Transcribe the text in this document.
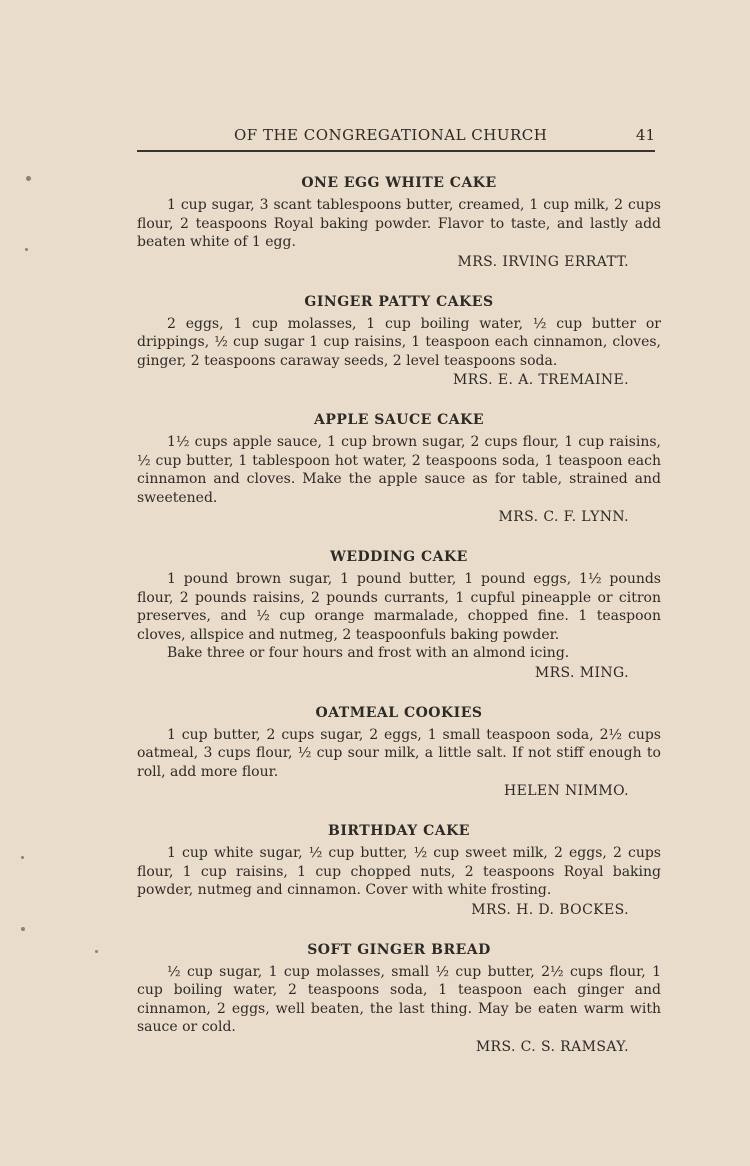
OF THE CONGREGATIONAL CHURCH	41
ONE EGG WHITE CAKE

1 cup sugar, 3 scant tablespoons butter, creamed, 1 cup milk, 2 cups flour, 2 teaspoons Royal baking powder. Flavor to taste, and lastly add beaten white of 1 egg.

MRS. IRVING ERRATT.
GINGER PATTY CAKES

2 eggs, 1 cup molasses, 1 cup boiling water, ½ cup butter or drippings, ½ cup sugar 1 cup raisins, 1 teaspoon each cinnamon, cloves, ginger, 2 teaspoons caraway seeds, 2 level teaspoons soda.

MRS. E. A. TREMAINE.
APPLE SAUCE CAKE

1½ cups apple sauce, 1 cup brown sugar, 2 cups flour, 1 cup raisins, ½ cup butter, 1 tablespoon hot water, 2 teaspoons soda, 1 teaspoon each cinnamon and cloves. Make the apple sauce as for table, strained and sweetened.

MRS. C. F. LYNN.
WEDDING CAKE

1 pound brown sugar, 1 pound butter, 1 pound eggs, 1½ pounds flour, 2 pounds raisins, 2 pounds currants, 1 cupful pineapple or citron preserves, and ½ cup orange marmalade, chopped fine. 1 teaspoon cloves, allspice and nutmeg, 2 teaspoonfuls baking powder.

Bake three or four hours and frost with an almond icing.

MRS. MING.
OATMEAL COOKIES

1 cup butter, 2 cups sugar, 2 eggs, 1 small teaspoon soda, 2½ cups oatmeal, 3 cups flour, ½ cup sour milk, a little salt. If not stiff enough to roll, add more flour.

HELEN NIMMO.
BIRTHDAY CAKE

1 cup white sugar, ½ cup butter, ½ cup sweet milk, 2 eggs, 2 cups flour, 1 cup raisins, 1 cup chopped nuts, 2 teaspoons Royal baking powder, nutmeg and cinnamon. Cover with white frosting.

MRS. H. D. BOCKES.
SOFT GINGER BREAD

½ cup sugar, 1 cup molasses, small ½ cup butter, 2½ cups flour, 1 cup boiling water, 2 teaspoons soda, 1 teaspoon each ginger and cinnamon, 2 eggs, well beaten, the last thing. May be eaten warm with sauce or cold.

MRS. C. S. RAMSAY.
